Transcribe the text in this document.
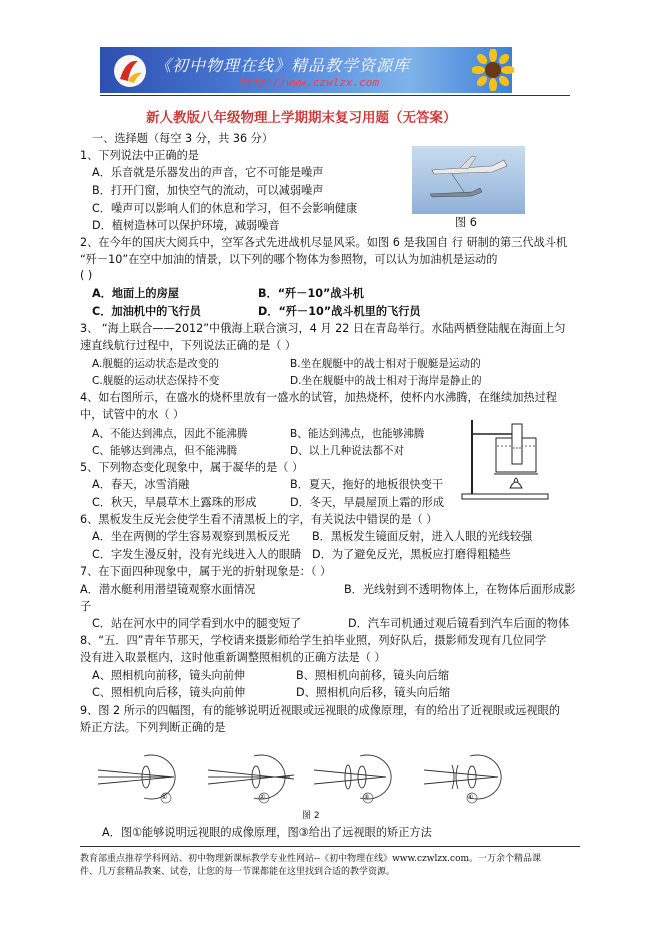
《初中物理在线》精品教学资源库
http://www.czwlzx.com
新人教版八年级物理上学期期末复习用题（无答案）
一、选择题（每空 3 分，共 36 分）
图 6
1、下列说法中正确的是
A．乐音就是乐器发出的声音，它不可能是噪声
B．打开门窗，加快空气的流动，可以减弱噪声
C．噪声可以影响人们的休息和学习，但不会影响健康
D．植树造林可以保护环境，减弱噪音
2、在今年的国庆大阅兵中，空军各式先进战机尽显风采。如图 6 是我国自 行 研制的第三代战斗机
“歼－10”在空中加油的情景，以下列的哪个物体为参照物，可以认为加油机是运动的
( )
A．地面上的房屋	B．“歼－10”战斗机
C．加油机中的飞行员	D．“歼－10”战斗机里的飞行员
3、 “海上联合——2012”中俄海上联合演习，4 月 22 日在青岛举行。水陆两栖登陆舰在海面上匀
速直线航行过程中，下列说法正确的是（ ）
A.舰艇的运动状态是改变的	B.坐在舰艇中的战士相对于舰艇是运动的
C.舰艇的运动状态保持不变	D.坐在舰艇中的战士相对于海岸是静止的
4、如右图所示，在盛水的烧杯里放有一盛水的试管，加热烧杯，使杯内水沸腾，在继续加热过程
中，试管中的水（ ）
A、不能达到沸点，因此不能沸腾	B、能达到沸点，也能够沸腾
C、能够达到沸点，但不能沸腾	D、以上几种说法都不对
5、下列物态变化现象中，属于凝华的是（ ）
A．春天，冰雪消融	B．夏天，拖好的地板很快变干
C．秋天，早晨草木上露珠的形成	D．冬天，早晨屋顶上霜的形成
6、黑板发生反光会使学生看不清黑板上的字，有关说法中错误的是（ ）
A．坐在两侧的学生容易观察到黑板反光 B．黑板发生镜面反射，进入人眼的光线较强
C．字发生漫反射，没有光线进入人的眼睛 D．为了避免反光，黑板应打磨得粗糙些
7、在下面四种现象中，属于光的折射现象是：（ ）
A．潜水艇利用潜望镜观察水面情况	B．光线射到不透明物体上，在物体后面形成影
子
C．站在河水中的同学看到水中的腿变短了	D．汽车司机通过观后镜看到汽车后面的物体
8、“五．四”青年节那天，学校请来摄影师给学生拍毕业照，列好队后，摄影师发现有几位同学
没有进入取景框内，这时他重新调整照相机的正确方法是（ ）
A、照相机向前移，镜头向前伸	B、照相机向前移，镜头向后缩
C、照相机向后移，镜头向前伸	D、照相机向后移，镜头向后缩
9、图 2 所示的四幅图，有的能够说明近视眼或远视眼的成像原理，有的给出了近视眼或远视眼的
矫正方法。下列判断正确的是
①	②	③	④
图 2
A．图①能够说明远视眼的成像原理，图③给出了远视眼的矫正方法
教育部重点推荐学科网站、初中物理新课标教学专业性网站--《初中物理在线》www.czwlzx.com。一万余个精品课
件、几万套精品教案、试卷，让您的每一节课都能在这里找到合适的教学资源。
